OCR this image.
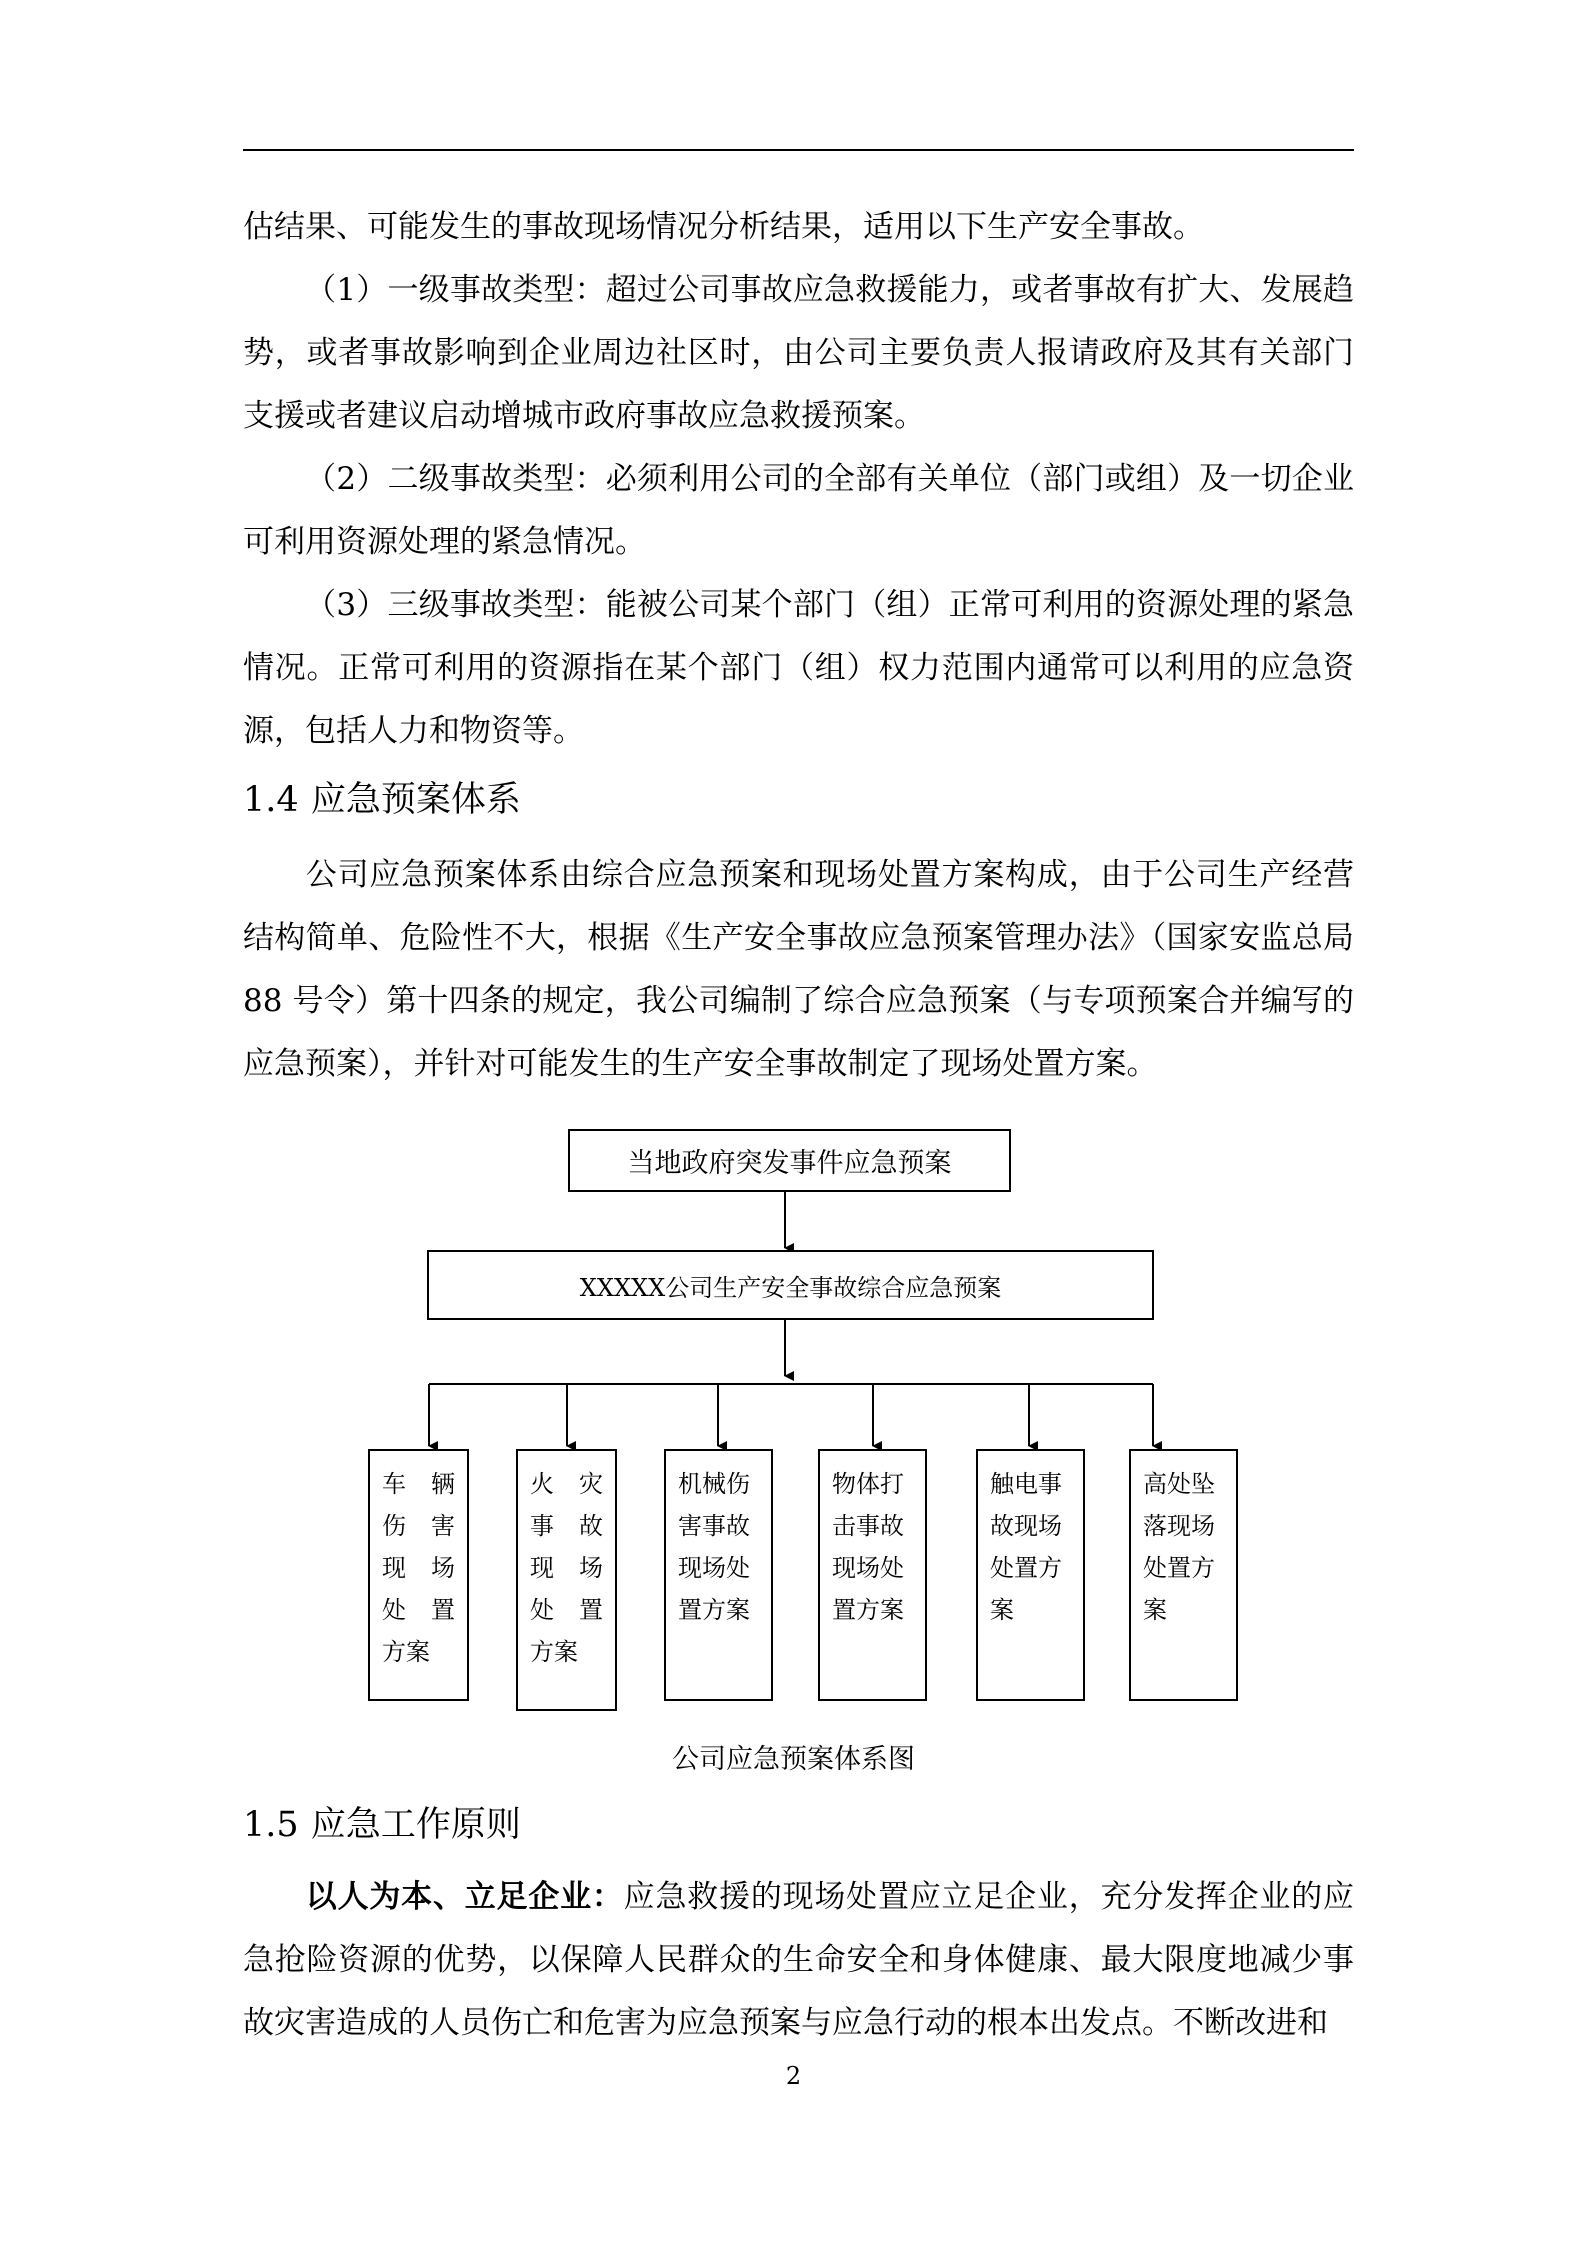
估结果、可能发生的事故现场情况分析结果，适用以下生产安全事故。

（1）一级事故类型：超过公司事故应急救援能力，或者事故有扩大、发展趋势，或者事故影响到企业周边社区时，由公司主要负责人报请政府及其有关部门支援或者建议启动增城市政府事故应急救援预案。

（2）二级事故类型：必须利用公司的全部有关单位（部门或组）及一切企业可利用资源处理的紧急情况。

（3）三级事故类型：能被公司某个部门（组）正常可利用的资源处理的紧急情况。正常可利用的资源指在某个部门（组）权力范围内通常可以利用的应急资源，包括人力和物资等。

1.4 应急预案体系

公司应急预案体系由综合应急预案和现场处置方案构成，由于公司生产经营结构简单、危险性不大，根据《生产安全事故应急预案管理办法》（国家安监总局 88 号令）第十四条的规定，我公司编制了综合应急预案（与专项预案合并编写的应急预案），并针对可能发生的生产安全事故制定了现场处置方案。

当地政府突发事件应急预案
XXXXX公司生产安全事故综合应急预案
车 辆
伤 害
现 场
处 置
方案
火 灾
事 故
现 场
处 置
方案
机械伤
害事故
现场处
置方案
物体打
击事故
现场处
置方案
触电事
故现场
处置方
案
高处坠
落现场
处置方
案

公司应急预案体系图

1.5 应急工作原则

以人为本、立足企业：应急救援的现场处置应立足企业，充分发挥企业的应急抢险资源的优势，以保障人民群众的生命安全和身体健康、最大限度地减少事故灾害造成的人员伤亡和危害为应急预案与应急行动的根本出发点。不断改进和

2
